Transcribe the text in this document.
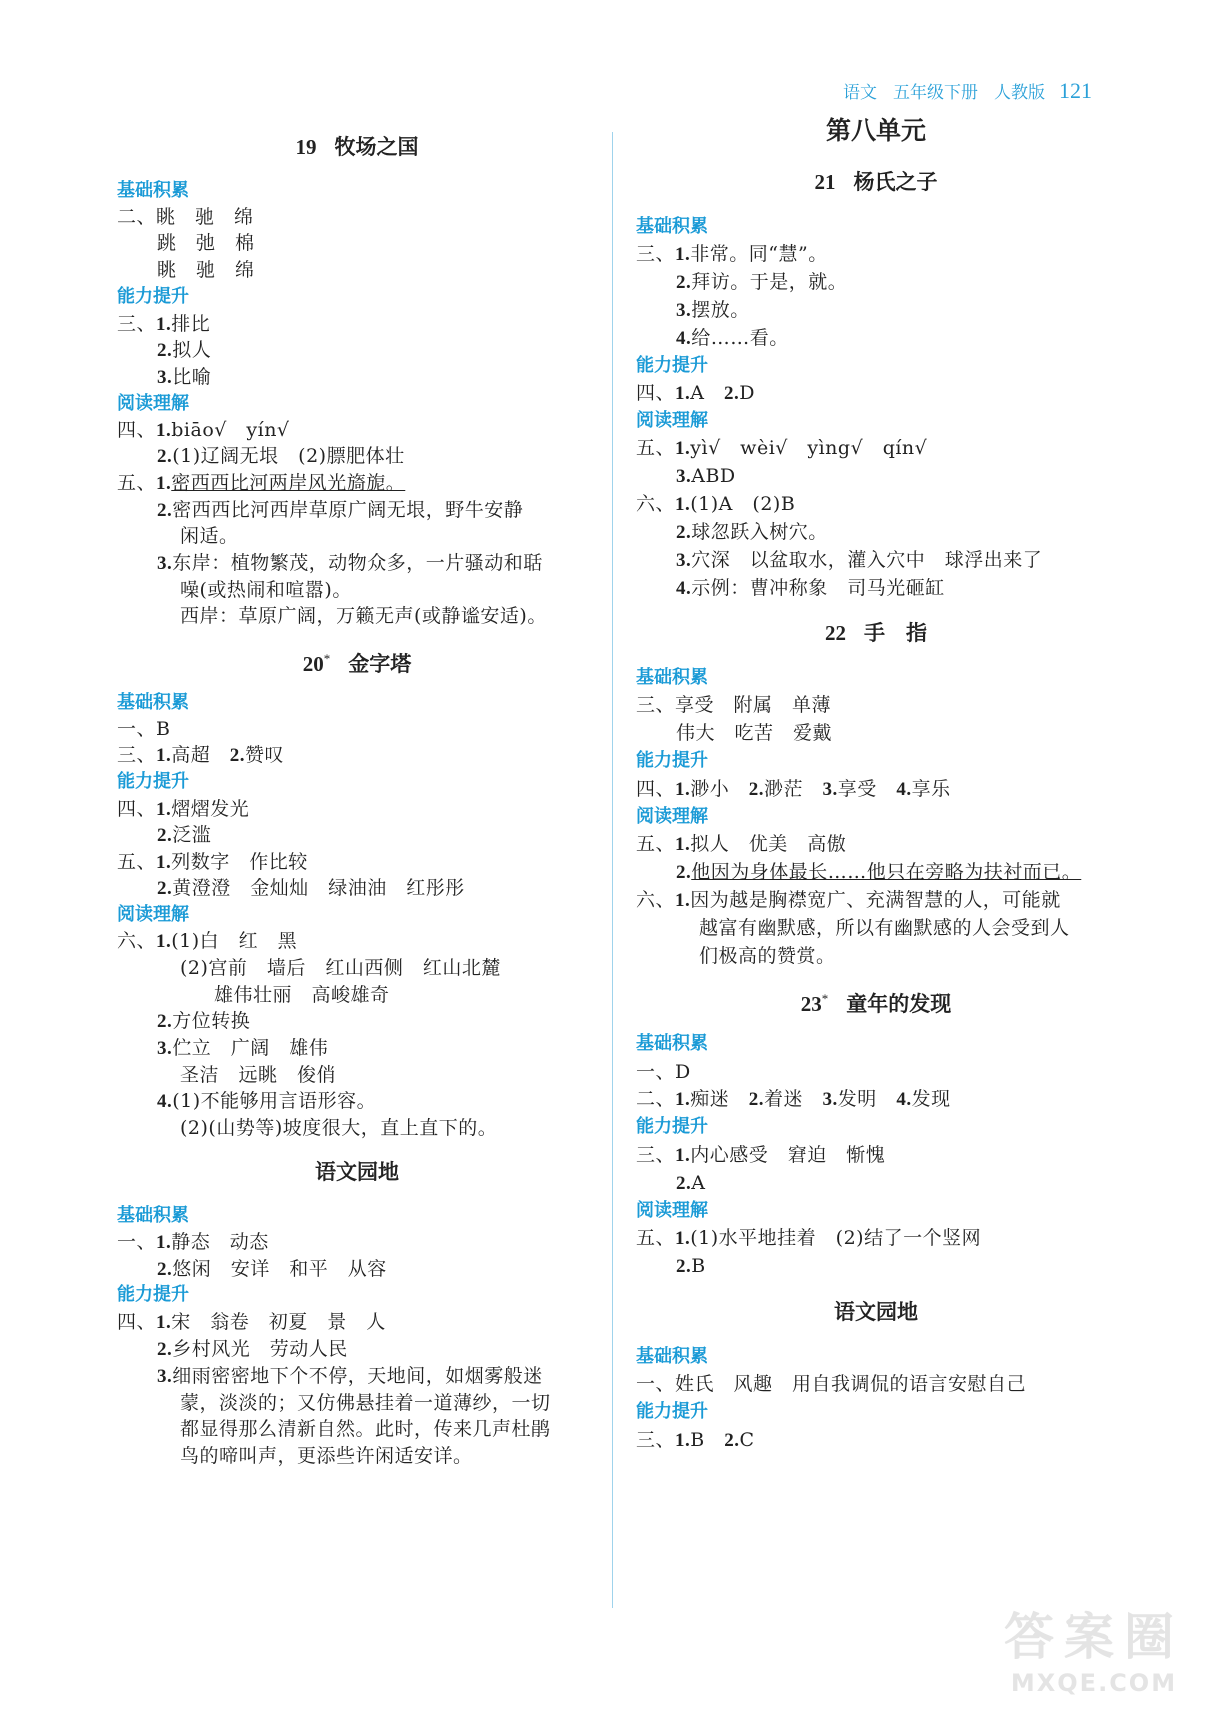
语文 五年级下册 人教版 121
19 牧场之国
基础积累
二、眺　驰　绵
跳　弛　棉
眺　驰　绵
能力提升
三、1.排比
2.拟人
3.比喻
阅读理解
四、1.biāo√　yín√
2.(1)辽阔无垠　(2)膘肥体壮
五、1.密西西比河两岸风光旖旎。
2.密西西比河西岸草原广阔无垠，野牛安静
闲适。
3.东岸：植物繁茂，动物众多，一片骚动和聒
噪(或热闹和喧嚣)。
西岸：草原广阔，万籁无声(或静谧安适)。
20* 金字塔
基础积累
一、B
三、1.高超　2.赞叹
能力提升
四、1.熠熠发光
2.泛滥
五、1.列数字　作比较
2.黄澄澄　金灿灿　绿油油　红彤彤
阅读理解
六、1.(1)白　红　黑
(2)宫前　墙后　红山西侧　红山北麓
雄伟壮丽　高峻雄奇
2.方位转换
3.伫立　广阔　雄伟
圣洁　远眺　俊俏
4.(1)不能够用言语形容。
(2)(山势等)坡度很大，直上直下的。
语文园地
基础积累
一、1.静态　动态
2.悠闲　安详　和平　从容
能力提升
四、1.宋　翁卷　初夏　景　人
2.乡村风光　劳动人民
3.细雨密密地下个不停，天地间，如烟雾般迷
蒙，淡淡的；又仿佛悬挂着一道薄纱，一切
都显得那么清新自然。此时，传来几声杜鹃
鸟的啼叫声，更添些许闲适安详。
第八单元
21 杨氏之子
基础积累
三、1.非常。同“慧”。
2.拜访。于是，就。
3.摆放。
4.给……看。
能力提升
四、1.A　2.D
阅读理解
五、1.yì√　wèi√　yìng√　qín√
3.ABD
六、1.(1)A　(2)B
2.球忽跃入树穴。
3.穴深　以盆取水，灌入穴中　球浮出来了
4.示例：曹冲称象　司马光砸缸
22 手　指
基础积累
三、享受　附属　单薄
伟大　吃苦　爱戴
能力提升
四、1.渺小　2.渺茫　3.享受　4.享乐
阅读理解
五、1.拟人　优美　高傲
2.他因为身体最长……他只在旁略为扶衬而已。
六、1.因为越是胸襟宽广、充满智慧的人，可能就
越富有幽默感，所以有幽默感的人会受到人
们极高的赞赏。
23* 童年的发现
基础积累
一、D
二、1.痴迷　2.着迷　3.发明　4.发现
能力提升
三、1.内心感受　窘迫　惭愧
2.A
阅读理解
五、1.(1)水平地挂着　(2)结了一个竖网
2.B
语文园地
基础积累
一、姓氏　风趣　用自我调侃的语言安慰自己
能力提升
三、1.B　2.C
答案圈
MXQE.COM
